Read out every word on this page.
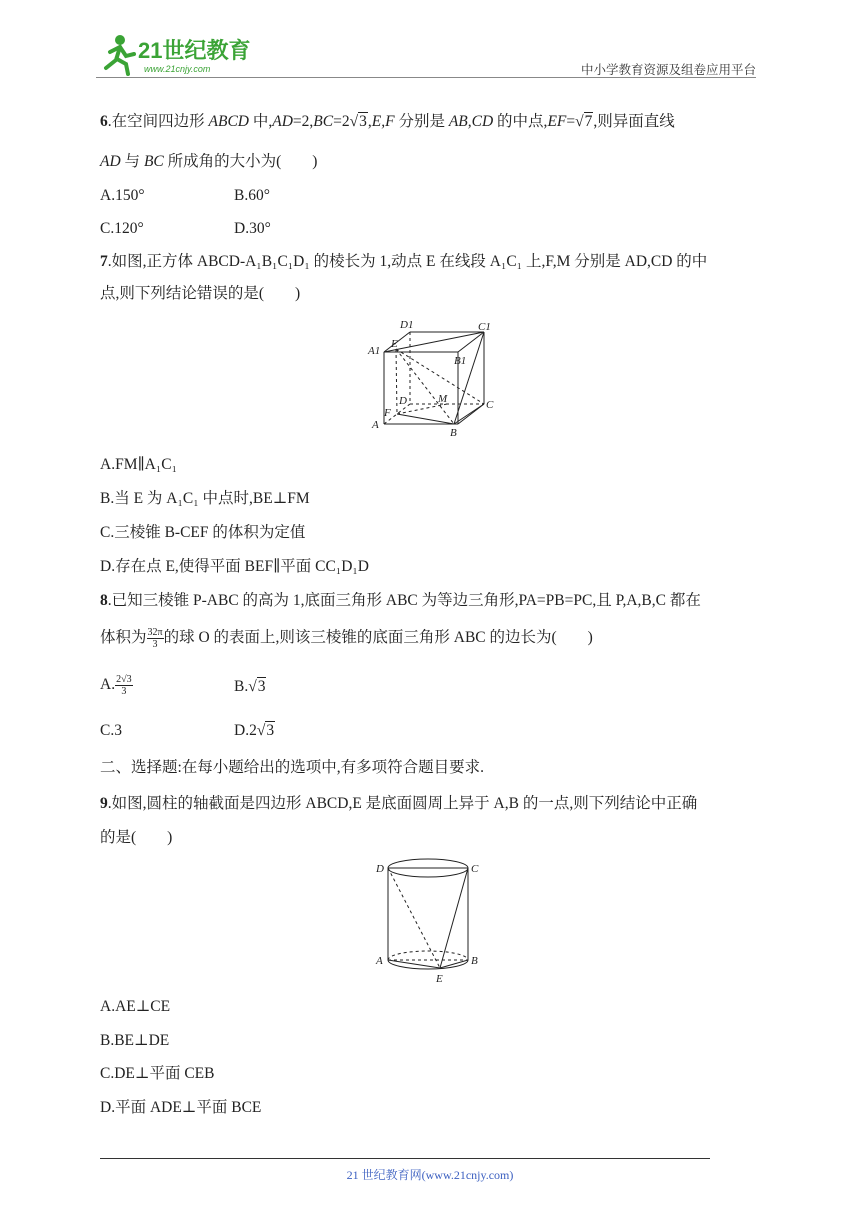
21世纪教育
www.21cnjy.com	中小学教育资源及组卷应用平台
6.在空间四边形 ABCD 中,AD=2,BC=2√3,E,F 分别是 AB,CD 的中点,EF=√7,则异面直线
AD 与 BC 所成角的大小为(　　)
A.150°	B.60°
C.120°	D.30°
7.如图,正方体 ABCD-A₁B₁C₁D₁ 的棱长为 1,动点 E 在线段 A₁C₁ 上,F,M 分别是 AD,CD 的中
点,则下列结论错误的是(　　)
D1	C1
A1
E
B1
D	M	C
F
A
B
A.FM∥A₁C₁
B.当 E 为 A₁C₁ 中点时,BE⊥FM
C.三棱锥 B-CEF 的体积为定值
D.存在点 E,使得平面 BEF∥平面 CC₁D₁D
8.已知三棱锥 P-ABC 的高为 1,底面三角形 ABC 为等边三角形,PA=PB=PC,且 P,A,B,C 都在
体积为 $\frac{32\pi}{3}$ 的球 O 的表面上,则该三棱锥的底面三角形 ABC 的边长为(　　)
A. $\frac{2√3}{3}$	B.√3
C.3	D.2√3
二、选择题:在每小题给出的选项中,有多项符合题目要求.
9.如图,圆柱的轴截面是四边形 ABCD,E 是底面圆周上异于 A,B 的一点,则下列结论中正确
的是(　　)
D	C
A	B
E
A.AE⊥CE
B.BE⊥DE
C.DE⊥平面 CEB
D.平面 ADE⊥平面 BCE
21 世纪教育网(www.21cnjy.com)
